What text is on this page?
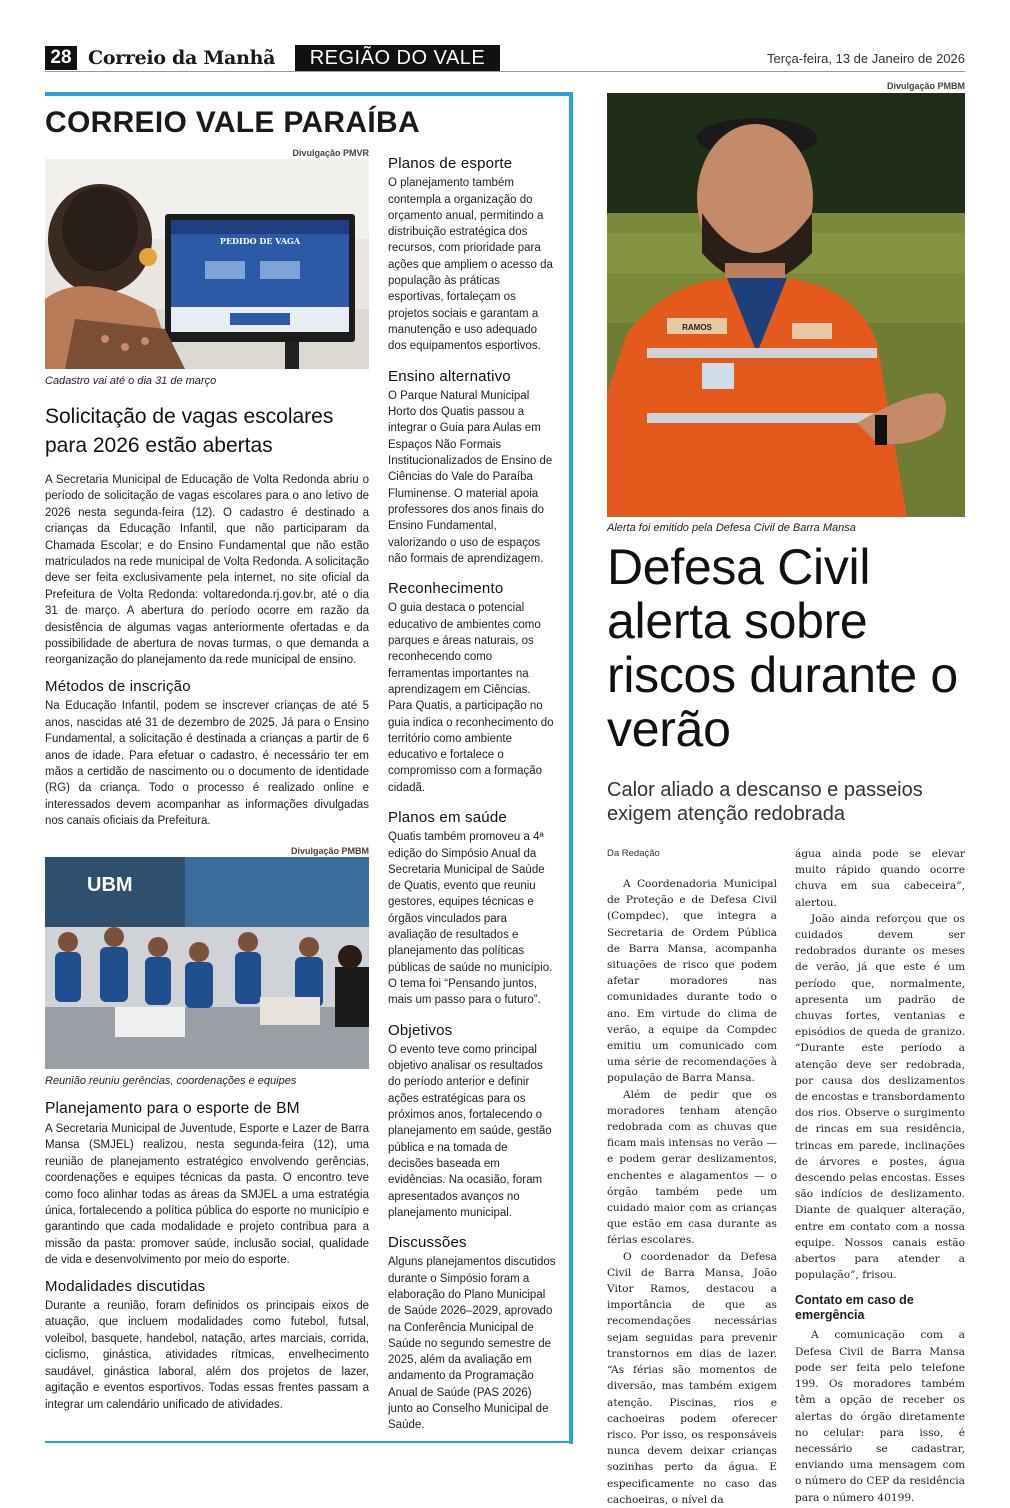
28 Correio da Manhã	REGIÃO DO VALE	Terça-feira, 13 de Janeiro de 2026
CORREIO VALE PARAÍBA
Divulgação PMVR
PEDIDO DE VAGA
Cadastro vai até o dia 31 de março
Solicitação de vagas escolares para 2026 estão abertas

A Secretaria Municipal de Educação de Volta Redonda abriu o período de solicitação de vagas escolares para o ano letivo de 2026 nesta segunda-feira (12). O cadastro é destinado a crianças da Educação Infantil, que não participaram da Chamada Escolar; e do Ensino Fundamental que não estão matriculados na rede municipal de Volta Redonda. A solicitação deve ser feita exclusivamente pela internet, no site oficial da Prefeitura de Volta Redonda: voltaredonda.rj.gov.br, até o dia 31 de março. A abertura do período ocorre em razão da desistência de algumas vagas anteriormente ofertadas e da possibilidade de abertura de novas turmas, o que demanda a reorganização do planejamento da rede municipal de ensino.

Métodos de inscrição

Na Educação Infantil, podem se inscrever crianças de até 5 anos, nascidas até 31 de dezembro de 2025. Já para o Ensino Fundamental, a solicitação é destinada a crianças a partir de 6 anos de idade. Para efetuar o cadastro, é necessário ter em mãos a certidão de nascimento ou o documento de identidade (RG) da criança. Todo o processo é realizado online e interessados devem acompanhar as informações divulgadas nos canais oficiais da Prefeitura.

Divulgação PMBM
UBM
Reunião reuniu gerências, coordenações e equipes
Planejamento para o esporte de BM

A Secretaria Municipal de Juventude, Esporte e Lazer de Barra Mansa (SMJEL) realizou, nesta segunda-feira (12), uma reunião de planejamento estratégico envolvendo gerências, coordenações e equipes técnicas da pasta. O encontro teve como foco alinhar todas as áreas da SMJEL a uma estratégia única, fortalecendo a política pública do esporte no município e garantindo que cada modalidade e projeto contribua para a missão da pasta: promover saúde, inclusão social, qualidade de vida e desenvolvimento por meio do esporte.

Modalidades discutidas

Durante a reunião, foram definidos os principais eixos de atuação, que incluem modalidades como futebol, futsal, voleibol, basquete, handebol, natação, artes marciais, corrida, ciclismo, ginástica, atividades rítmicas, envelhecimento saudável, ginástica laboral, além dos projetos de lazer, agitação e eventos esportivos. Todas essas frentes passam a integrar um calendário unificado de atividades.

Planos de esporte

O planejamento também contempla a organização do orçamento anual, permitindo a distribuição estratégica dos recursos, com prioridade para ações que ampliem o acesso da população às práticas esportivas, fortaleçam os projetos sociais e garantam a manutenção e uso adequado dos equipamentos esportivos.

Ensino alternativo

O Parque Natural Municipal Horto dos Quatis passou a integrar o Guia para Aulas em Espaços Não Formais Institucionalizados de Ensino de Ciências do Vale do Paraíba Fluminense. O material apoia professores dos anos finais do Ensino Fundamental, valorizando o uso de espaços não formais de aprendizagem.

Reconhecimento

O guia destaca o potencial educativo de ambientes como parques e áreas naturais, os reconhecendo como ferramentas importantes na aprendizagem em Ciências. Para Quatis, a participação no guia indica o reconhecimento do território como ambiente educativo e fortalece o compromisso com a formação cidadã.

Planos em saúde

Quatis também promoveu a 4ª edição do Simpósio Anual da Secretaria Municipal de Saúde de Quatis, evento que reuniu gestores, equipes técnicas e órgãos vinculados para avaliação de resultados e planejamento das políticas públicas de saúde no município. O tema foi “Pensando juntos, mais um passo para o futuro”.

Objetivos

O evento teve como principal objetivo analisar os resultados do período anterior e definir ações estratégicas para os próximos anos, fortalecendo o planejamento em saúde, gestão pública e na tomada de decisões baseada em evidências. Na ocasião, foram apresentados avanços no planejamento municipal.

Discussões

Alguns planejamentos discutidos durante o Simpósio foram a elaboração do Plano Municipal de Saúde 2026–2029, aprovado na Conferência Municipal de Saúde no segundo semestre de 2025, além da avaliação em andamento da Programação Anual de Saúde (PAS 2026) junto ao Conselho Municipal de Saúde.

Divulgação PMBM
RAMOS
Alerta foi emitido pela Defesa Civil de Barra Mansa
Defesa Civil alerta sobre riscos durante o verão
Calor aliado a descanso e passeios exigem atenção redobrada
Da Redação

A Coordenadoria Municipal de Proteção e de Defesa Civil (Compdec), que integra a Secretaria de Ordem Pública de Barra Mansa, acompanha situações de risco que podem afetar moradores nas comunidades durante todo o ano. Em virtude do clima de verão, a equipe da Compdec emitiu um comunicado com uma série de recomendações à população de Barra Mansa.

Além de pedir que os moradores tenham atenção redobrada com as chuvas que ficam mais intensas no verão — e podem gerar deslizamentos, enchentes e alagamentos — o órgão também pede um cuidado maior com as crianças que estão em casa durante as férias escolares.

O coordenador da Defesa Civil de Barra Mansa, João Vitor Ramos, destacou a importância de que as recomendações necessárias sejam seguidas para prevenir transtornos em dias de lazer. “As férias são momentos de diversão, mas também exigem atenção. Piscinas, rios e cachoeiras podem oferecer risco. Por isso, os responsáveis nunca devem deixar crianças sozinhas perto da água. E especificamente no caso das cachoeiras, o nível da

água ainda pode se elevar muito rápido quando ocorre chuva em sua cabeceira”, alertou.

João ainda reforçou que os cuidados devem ser redobrados durante os meses de verão, já que este é um período que, normalmente, apresenta um padrão de chuvas fortes, ventanias e episódios de queda de granizo. “Durante este período a atenção deve ser redobrada, por causa dos deslizamentos de encostas e transbordamento dos rios. Observe o surgimento de rincas em sua residência, trincas em parede, inclinações de árvores e postes, água descendo pelas encostas. Esses são indícios de deslizamento. Diante de qualquer alteração, entre em contato com a nossa equipe. Nossos canais estão abertos para atender a população”, frisou.

Contato em caso de emergência

A comunicação com a Defesa Civil de Barra Mansa pode ser feita pelo telefone 199. Os moradores também têm a opção de receber os alertas do órgão diretamente no celular: para isso, é necessário se cadastrar, enviando uma mensagem com o número do CEP da residência para o número 40199.
